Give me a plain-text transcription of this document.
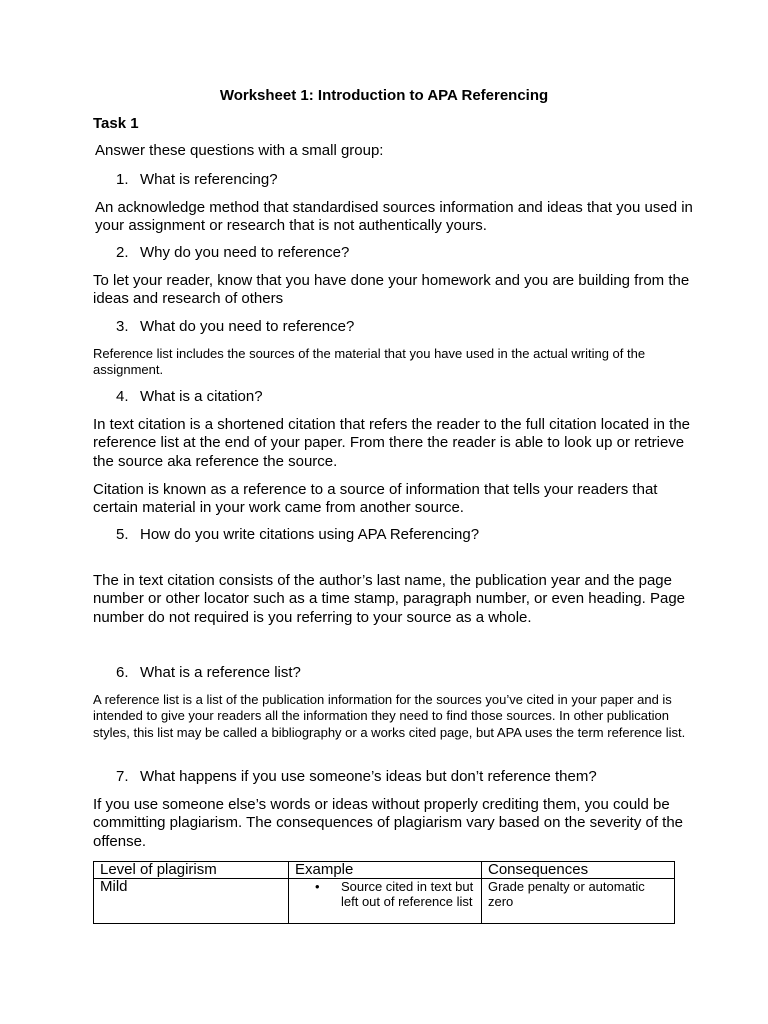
Worksheet 1: Introduction to APA Referencing
Task 1

Answer these questions with a small group:

1. What is referencing?

An acknowledge method that standardised sources information and ideas that you used in your assignment or research that is not authentically yours.

2. Why do you need to reference?

To let your reader, know that you have done your homework and you are building from the ideas and research of others

3. What do you need to reference?

Reference list includes the sources of the material that you have used in the actual writing of the assignment.

4. What is a citation?

In text citation is a shortened citation that refers the reader to the full citation located in the reference list at the end of your paper. From there the reader is able to look up or retrieve the source aka reference the source.

Citation is known as a reference to a source of information that tells your readers that certain material in your work came from another source.

5. How do you write citations using APA Referencing?

The in text citation consists of the author’s last name, the publication year and the page number or other locator such as a time stamp, paragraph number, or even heading. Page number do not required is you referring to your source as a whole.

6. What is a reference list?

A reference list is a list of the publication information for the sources you’ve cited in your paper and is intended to give your readers all the information they need to find those sources. In other publication styles, this list may be called a bibliography or a works cited page, but APA uses the term reference list.

7. What happens if you use someone’s ideas but don’t reference them?

If you use someone else’s words or ideas without properly crediting them, you could be committing plagiarism. The consequences of plagiarism vary based on the severity of the offense.

Level of plagirism	Example	Consequences
Mild	• Source cited in text but left out of reference list	Grade penalty or automatic zero
